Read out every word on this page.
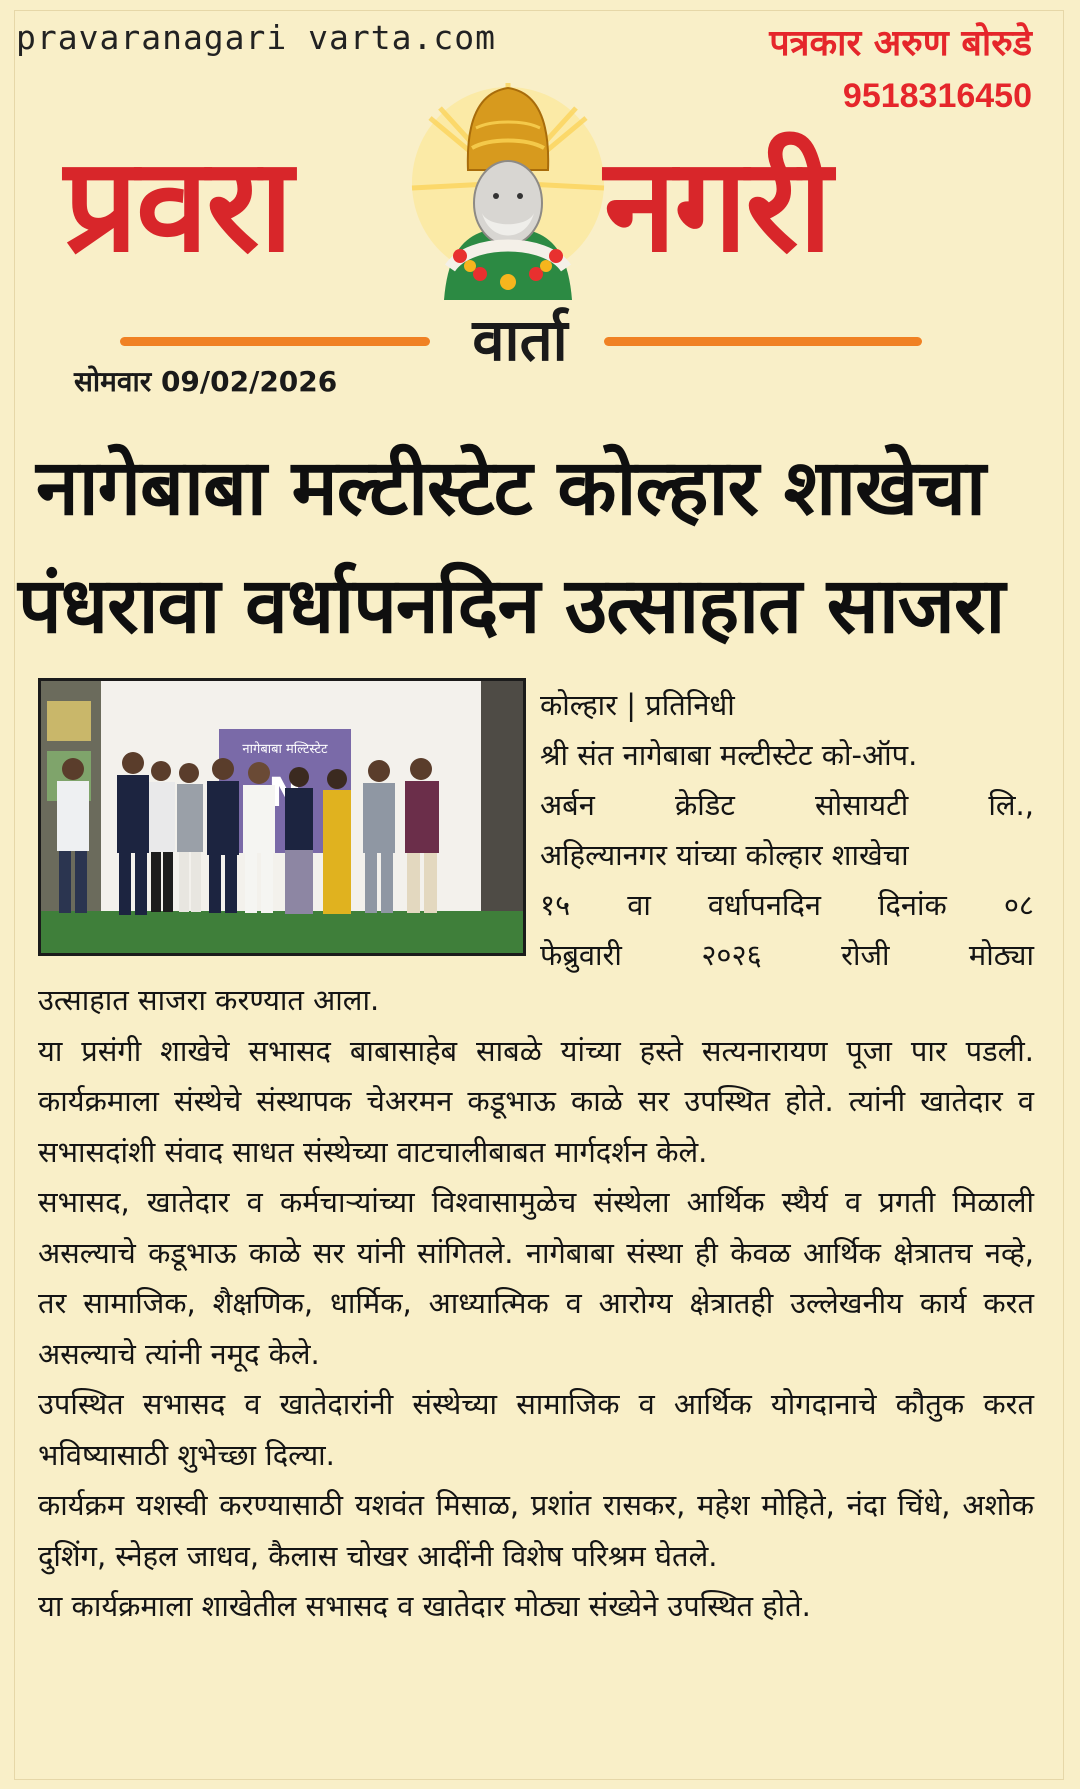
pravaranagari varta.com	पत्रकार अरुण बोरुडे
9518316450
प्रवरा नगरी
वार्ता
सोमवार 09/02/2026
नागेबाबा मल्टीस्टेट कोल्हार शाखेचा
पंधरावा वर्धापनदिन उत्साहात साजरा
नागेबाबा मल्टिस्टेट

कोल्हार | प्रतिनिधी

श्री संत नागेबाबा मल्टीस्टेट को-ऑप.

अर्बन क्रेडिट सोसायटी लि.,

अहिल्यानगर यांच्या कोल्हार शाखेचा

१५ वा वर्धापनदिन दिनांक ०८

फेब्रुवारी २०२६ रोजी मोठ्या

उत्साहात साजरा करण्यात आला.

या प्रसंगी शाखेचे सभासद बाबासाहेब साबळे यांच्या हस्ते सत्यनारायण पूजा पार पडली. कार्यक्रमाला संस्थेचे संस्थापक चेअरमन कडूभाऊ काळे सर उपस्थित होते. त्यांनी खातेदार व सभासदांशी संवाद साधत संस्थेच्या वाटचालीबाबत मार्गदर्शन केले.

सभासद, खातेदार व कर्मचाऱ्यांच्या विश्वासामुळेच संस्थेला आर्थिक स्थैर्य व प्रगती मिळाली असल्याचे कडूभाऊ काळे सर यांनी सांगितले. नागेबाबा संस्था ही केवळ आर्थिक क्षेत्रातच नव्हे, तर सामाजिक, शैक्षणिक, धार्मिक, आध्यात्मिक व आरोग्य क्षेत्रातही उल्लेखनीय कार्य करत असल्याचे त्यांनी नमूद केले.

उपस्थित सभासद व खातेदारांनी संस्थेच्या सामाजिक व आर्थिक योगदानाचे कौतुक करत भविष्यासाठी शुभेच्छा दिल्या.

कार्यक्रम यशस्वी करण्यासाठी यशवंत मिसाळ, प्रशांत रासकर, महेश मोहिते, नंदा चिंधे, अशोक दुशिंग, स्नेहल जाधव, कैलास चोखर आदींनी विशेष परिश्रम घेतले.

या कार्यक्रमाला शाखेतील सभासद व खातेदार मोठ्या संख्येने उपस्थित होते.
